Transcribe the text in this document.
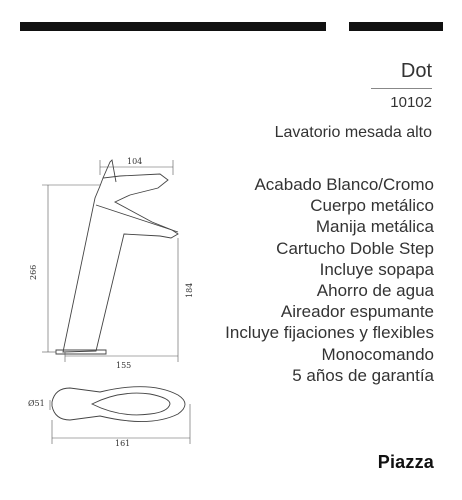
Dot
10102
Lavatorio mesada alto
Acabado Blanco/Cromo
Cuerpo metálico
Manija metálica
Cartucho Doble Step
Incluye sopapa
Ahorro de agua
Aireador espumante
Incluye fijaciones y flexibles
Monocomando
5 años de garantía
104
266
184
155
Ø51
161
Piazza
